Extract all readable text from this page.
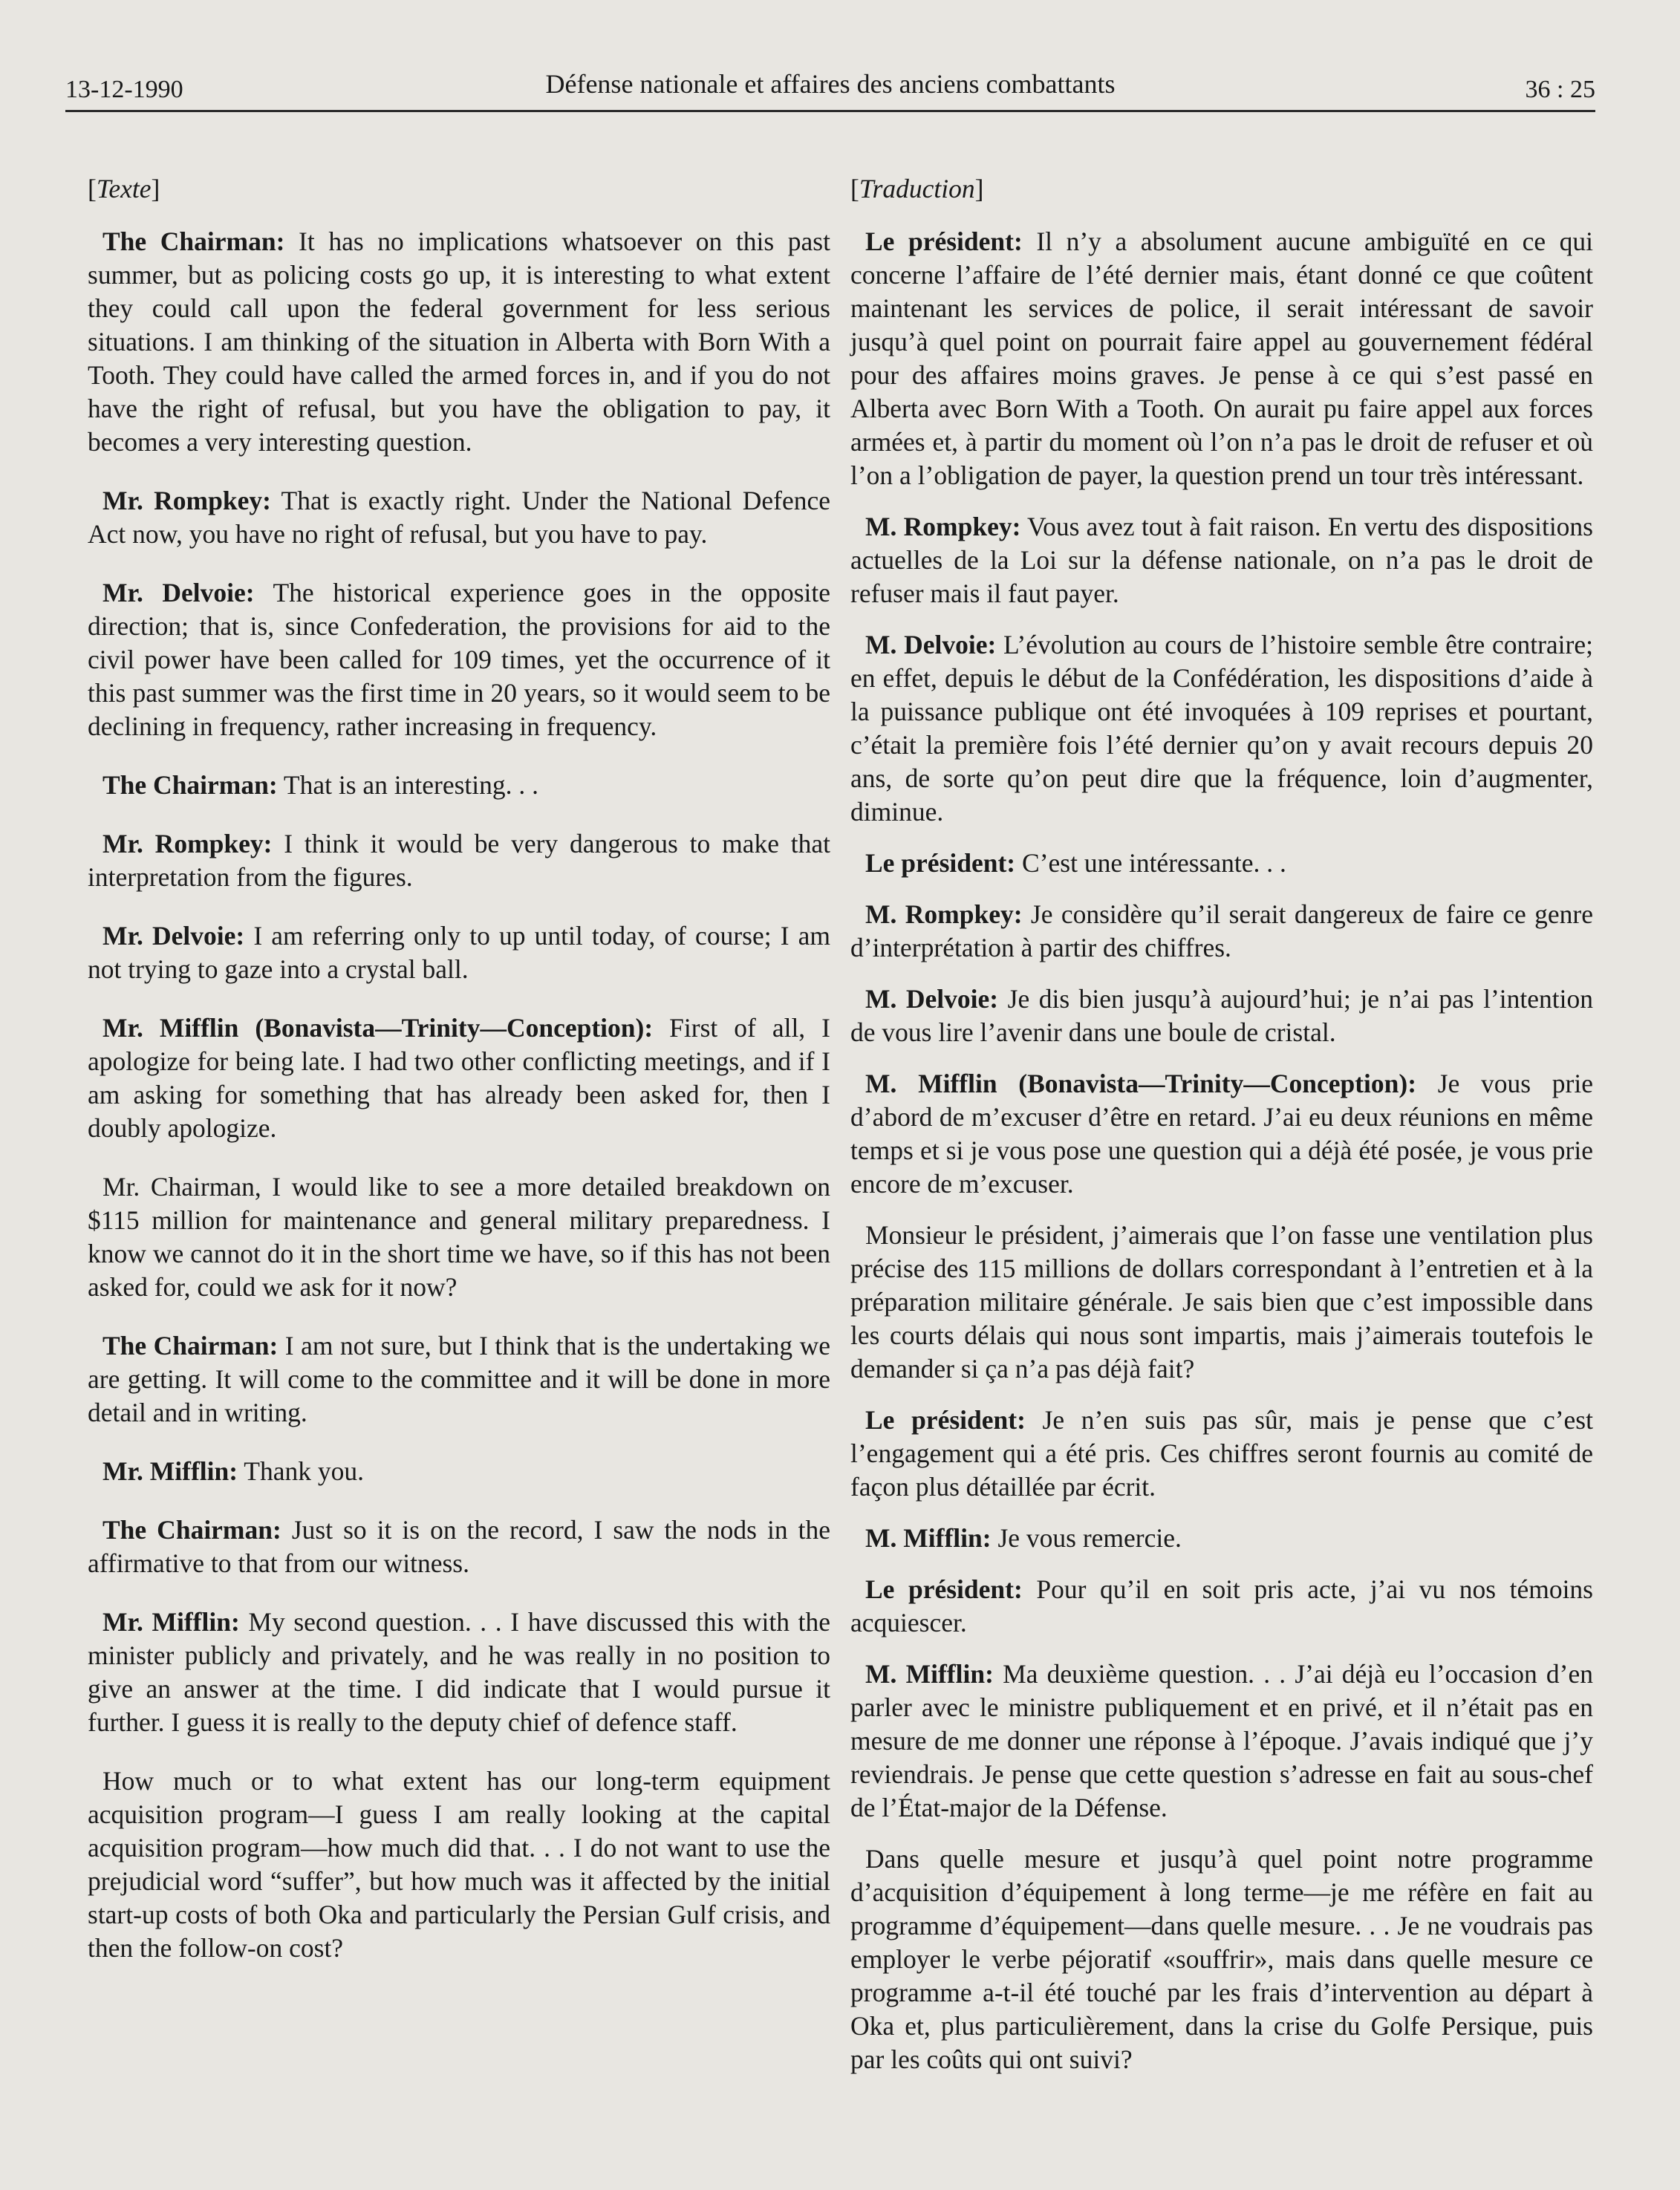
13-12-1990	Défense nationale et affaires des anciens combattants	36 : 25
[Texte]

The Chairman: It has no implications whatsoever on this past summer, but as policing costs go up, it is interesting to what extent they could call upon the federal government for less serious situations. I am thinking of the situation in Alberta with Born With a Tooth. They could have called the armed forces in, and if you do not have the right of refusal, but you have the obligation to pay, it becomes a very interesting question.

Mr. Rompkey: That is exactly right. Under the National Defence Act now, you have no right of refusal, but you have to pay.

Mr. Delvoie: The historical experience goes in the opposite direction; that is, since Confederation, the provisions for aid to the civil power have been called for 109 times, yet the occurrence of it this past summer was the first time in 20 years, so it would seem to be declining in frequency, rather increasing in frequency.

The Chairman: That is an interesting. . .

Mr. Rompkey: I think it would be very dangerous to make that interpretation from the figures.

Mr. Delvoie: I am referring only to up until today, of course; I am not trying to gaze into a crystal ball.

Mr. Mifflin (Bonavista—Trinity—Conception): First of all, I apologize for being late. I had two other conflicting meetings, and if I am asking for something that has already been asked for, then I doubly apologize.

Mr. Chairman, I would like to see a more detailed breakdown on $115 million for maintenance and general military preparedness. I know we cannot do it in the short time we have, so if this has not been asked for, could we ask for it now?

The Chairman: I am not sure, but I think that is the undertaking we are getting. It will come to the committee and it will be done in more detail and in writing.

Mr. Mifflin: Thank you.

The Chairman: Just so it is on the record, I saw the nods in the affirmative to that from our witness.

Mr. Mifflin: My second question. . . I have discussed this with the minister publicly and privately, and he was really in no position to give an answer at the time. I did indicate that I would pursue it further. I guess it is really to the deputy chief of defence staff.

How much or to what extent has our long-term equipment acquisition program—I guess I am really looking at the capital acquisition program—how much did that. . . I do not want to use the prejudicial word “suffer”, but how much was it affected by the initial start-up costs of both Oka and particularly the Persian Gulf crisis, and then the follow-on cost?

[Traduction]

Le président: Il n’y a absolument aucune ambiguïté en ce qui concerne l’affaire de l’été dernier mais, étant donné ce que coûtent maintenant les services de police, il serait intéressant de savoir jusqu’à quel point on pourrait faire appel au gouvernement fédéral pour des affaires moins graves. Je pense à ce qui s’est passé en Alberta avec Born With a Tooth. On aurait pu faire appel aux forces armées et, à partir du moment où l’on n’a pas le droit de refuser et où l’on a l’obligation de payer, la question prend un tour très intéressant.

M. Rompkey: Vous avez tout à fait raison. En vertu des dispositions actuelles de la Loi sur la défense nationale, on n’a pas le droit de refuser mais il faut payer.

M. Delvoie: L’évolution au cours de l’histoire semble être contraire; en effet, depuis le début de la Confédération, les dispositions d’aide à la puissance publique ont été invoquées à 109 reprises et pourtant, c’était la première fois l’été dernier qu’on y avait recours depuis 20 ans, de sorte qu’on peut dire que la fréquence, loin d’augmenter, diminue.

Le président: C’est une intéressante. . .

M. Rompkey: Je considère qu’il serait dangereux de faire ce genre d’interprétation à partir des chiffres.

M. Delvoie: Je dis bien jusqu’à aujourd’hui; je n’ai pas l’intention de vous lire l’avenir dans une boule de cristal.

M. Mifflin (Bonavista—Trinity—Conception): Je vous prie d’abord de m’excuser d’être en retard. J’ai eu deux réunions en même temps et si je vous pose une question qui a déjà été posée, je vous prie encore de m’excuser.

Monsieur le président, j’aimerais que l’on fasse une ventilation plus précise des 115 millions de dollars correspondant à l’entretien et à la préparation militaire générale. Je sais bien que c’est impossible dans les courts délais qui nous sont impartis, mais j’aimerais toutefois le demander si ça n’a pas déjà fait?

Le président: Je n’en suis pas sûr, mais je pense que c’est l’engagement qui a été pris. Ces chiffres seront fournis au comité de façon plus détaillée par écrit.

M. Mifflin: Je vous remercie.

Le président: Pour qu’il en soit pris acte, j’ai vu nos témoins acquiescer.

M. Mifflin: Ma deuxième question. . . J’ai déjà eu l’occasion d’en parler avec le ministre publiquement et en privé, et il n’était pas en mesure de me donner une réponse à l’époque. J’avais indiqué que j’y reviendrais. Je pense que cette question s’adresse en fait au sous-chef de l’État-major de la Défense.

Dans quelle mesure et jusqu’à quel point notre programme d’acquisition d’équipement à long terme—je me réfère en fait au programme d’équipement—dans quelle mesure. . . Je ne voudrais pas employer le verbe péjoratif «souffrir», mais dans quelle mesure ce programme a-t-il été touché par les frais d’intervention au départ à Oka et, plus particulièrement, dans la crise du Golfe Persique, puis par les coûts qui ont suivi?
